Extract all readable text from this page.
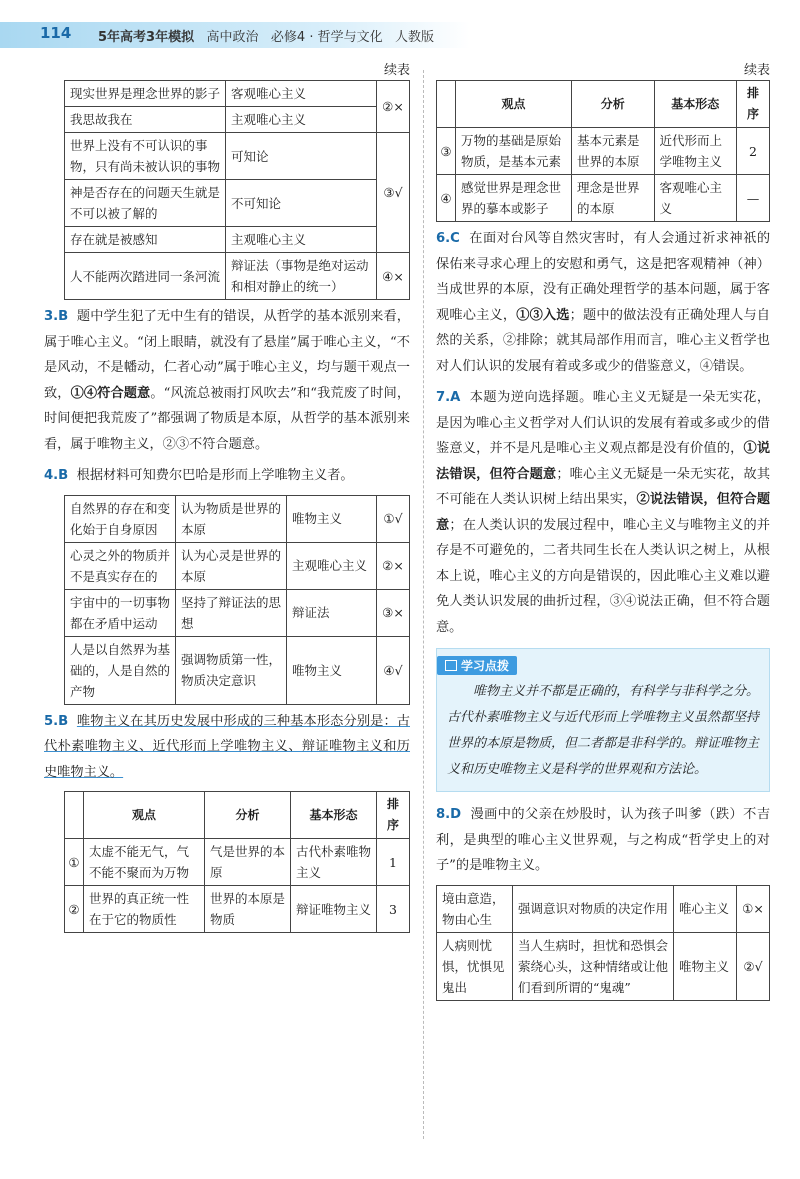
114 5年高考3年模拟 高中政治 必修4 · 哲学与文化 人教版
续表
现实世界是理念世界的影子	客观唯心主义	②×
我思故我在	主观唯心主义	
世界上没有不可认识的事物，只有尚未被认识的事物	可知论	③√
神是否存在的问题天生就是不可以被了解的	不可知论	
存在就是被感知	主观唯心主义	
人不能两次踏进同一条河流	辩证法（事物是绝对运动和相对静止的统一）	④×

3.B 题中学生犯了无中生有的错误，从哲学的基本派别来看，属于唯心主义。“闭上眼睛，就没有了悬崖”属于唯心主义，“不是风动，不是幡动，仁者心动”属于唯心主义，均与题干观点一致，①④符合题意。“风流总被雨打风吹去”和“我荒废了时间，时间便把我荒废了”都强调了物质是本原，从哲学的基本派别来看，属于唯物主义，②③不符合题意。

4.B 根据材料可知费尔巴哈是形而上学唯物主义者。

自然界的存在和变化始于自身原因	认为物质是世界的本原	唯物主义	①√
心灵之外的物质并不是真实存在的	认为心灵是世界的本原	主观唯心主义	②×
宇宙中的一切事物都在矛盾中运动	坚持了辩证法的思想	辩证法	③×
人是以自然界为基础的，人是自然的产物	强调物质第一性，物质决定意识	唯物主义	④√

5.B 唯物主义在其历史发展中形成的三种基本形态分别是：古代朴素唯物主义、近代形而上学唯物主义、辩证唯物主义和历史唯物主义。

	观点	分析	基本形态	排序
①	太虚不能无气，气不能不聚而为万物	气是世界的本原	古代朴素唯物主义	1
②	世界的真正统一性在于它的物质性	世界的本原是物质	辩证唯物主义	3
续表
	观点	分析	基本形态	排序
③	万物的基础是原始物质，是基本元素	基本元素是世界的本原	近代形而上学唯物主义	2
④	感觉世界是理念世界的摹本或影子	理念是世界的本原	客观唯心主义	—

6.C 在面对台风等自然灾害时，有人会通过祈求神祇的保佑来寻求心理上的安慰和勇气，这是把客观精神（神）当成世界的本原，没有正确处理哲学的基本问题，属于客观唯心主义，①③入选；题中的做法没有正确处理人与自然的关系，②排除；就其局部作用而言，唯心主义哲学也对人们认识的发展有着或多或少的借鉴意义，④错误。

7.A 本题为逆向选择题。唯心主义无疑是一朵无实花，是因为唯心主义哲学对人们认识的发展有着或多或少的借鉴意义，并不是凡是唯心主义观点都是没有价值的，①说法错误，但符合题意；唯心主义无疑是一朵无实花，故其不可能在人类认识树上结出果实，②说法错误，但符合题意；在人类认识的发展过程中，唯心主义与唯物主义的并存是不可避免的，二者共同生长在人类认识之树上，从根本上说，唯心主义的方向是错误的，因此唯心主义难以避免人类认识发展的曲折过程，③④说法正确，但不符合题意。

学习点拨
唯物主义并不都是正确的，有科学与非科学之分。古代朴素唯物主义与近代形而上学唯物主义虽然都坚持世界的本原是物质，但二者都是非科学的。辩证唯物主义和历史唯物主义是科学的世界观和方法论。

8.D 漫画中的父亲在炒股时，认为孩子叫爹（跌）不吉利，是典型的唯心主义世界观，与之构成“哲学史上的对子”的是唯物主义。

境由意造，物由心生	强调意识对物质的决定作用	唯心主义	①×
人病则忧惧，忧惧见鬼出	当人生病时，担忧和恐惧会萦绕心头，这种情绪或让他们看到所谓的“鬼魂”	唯物主义	②√
